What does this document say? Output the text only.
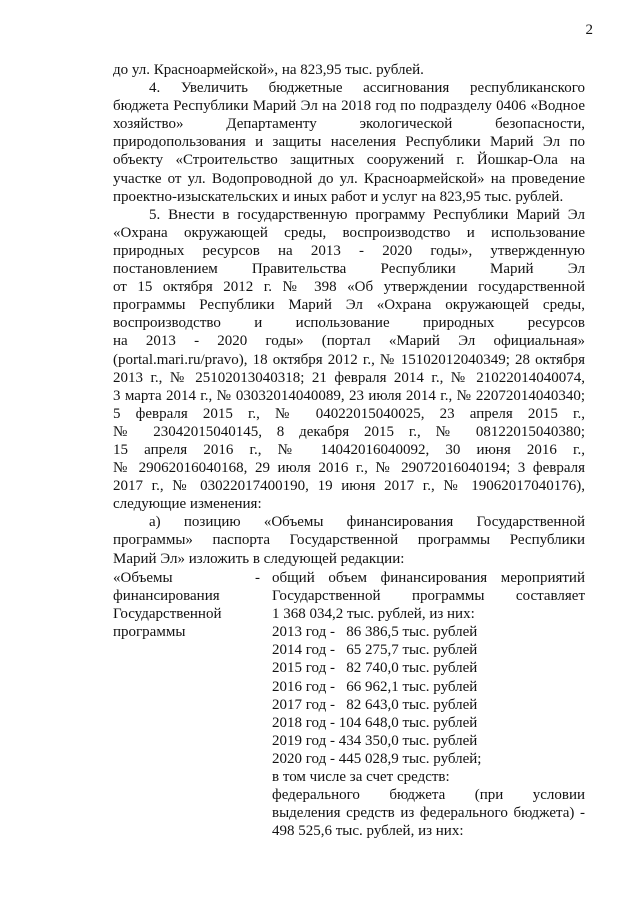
2
до ул. Красноармейской», на 823,95 тыс. рублей.
4. Увеличить бюджетные ассигнования республиканского
бюджета Республики Марий Эл на 2018 год по подразделу 0406 «Водное
хозяйство» Департаменту экологической безопасности,
природопользования и защиты населения Республики Марий Эл по
объекту «Строительство защитных сооружений г. Йошкар-Ола на
участке от ул. Водопроводной до ул. Красноармейской» на проведение
проектно-изыскательских и иных работ и услуг на 823,95 тыс. рублей.
5. Внести в государственную программу Республики Марий Эл
«Охрана окружающей среды, воспроизводство и использование
природных ресурсов на 2013 - 2020 годы», утвержденную
постановлением Правительства Республики Марий Эл
от 15 октября 2012 г. № 398 «Об утверждении государственной
программы Республики Марий Эл «Охрана окружающей среды,
воспроизводство и использование природных ресурсов
на 2013 - 2020 годы» (портал «Марий Эл официальная»
(portal.mari.ru/pravo), 18 октября 2012 г., № 15102012040349; 28 октября
2013 г., № 25102013040318; 21 февраля 2014 г., № 21022014040074,
3 марта 2014 г., № 03032014040089, 23 июля 2014 г., № 22072014040340;
5 февраля 2015 г., № 04022015040025, 23 апреля 2015 г.,
№ 23042015040145, 8 декабря 2015 г., № 08122015040380;
15 апреля 2016 г., № 14042016040092, 30 июня 2016 г.,
№ 29062016040168, 29 июля 2016 г., № 29072016040194; 3 февраля
2017 г., № 03022017400190, 19 июня 2017 г., № 19062017040176),
следующие изменения:
а) позицию «Объемы финансирования Государственной
программы» паспорта Государственной программы Республики
Марий Эл» изложить в следующей редакции:
«Объемы
финансирования
Государственной
программы
- общий объем финансирования мероприятий
Государственной программы составляет
1 368 034,2 тыс. рублей, из них:
2013 год -   86 386,5 тыс. рублей
2014 год -   65 275,7 тыс. рублей
2015 год -   82 740,0 тыс. рублей
2016 год -   66 962,1 тыс. рублей
2017 год -   82 643,0 тыс. рублей
2018 год - 104 648,0 тыс. рублей
2019 год - 434 350,0 тыс. рублей
2020 год - 445 028,9 тыс. рублей;
в том числе за счет средств:
федерального бюджета (при условии
выделения средств из федерального бюджета) -
498 525,6 тыс. рублей, из них:
